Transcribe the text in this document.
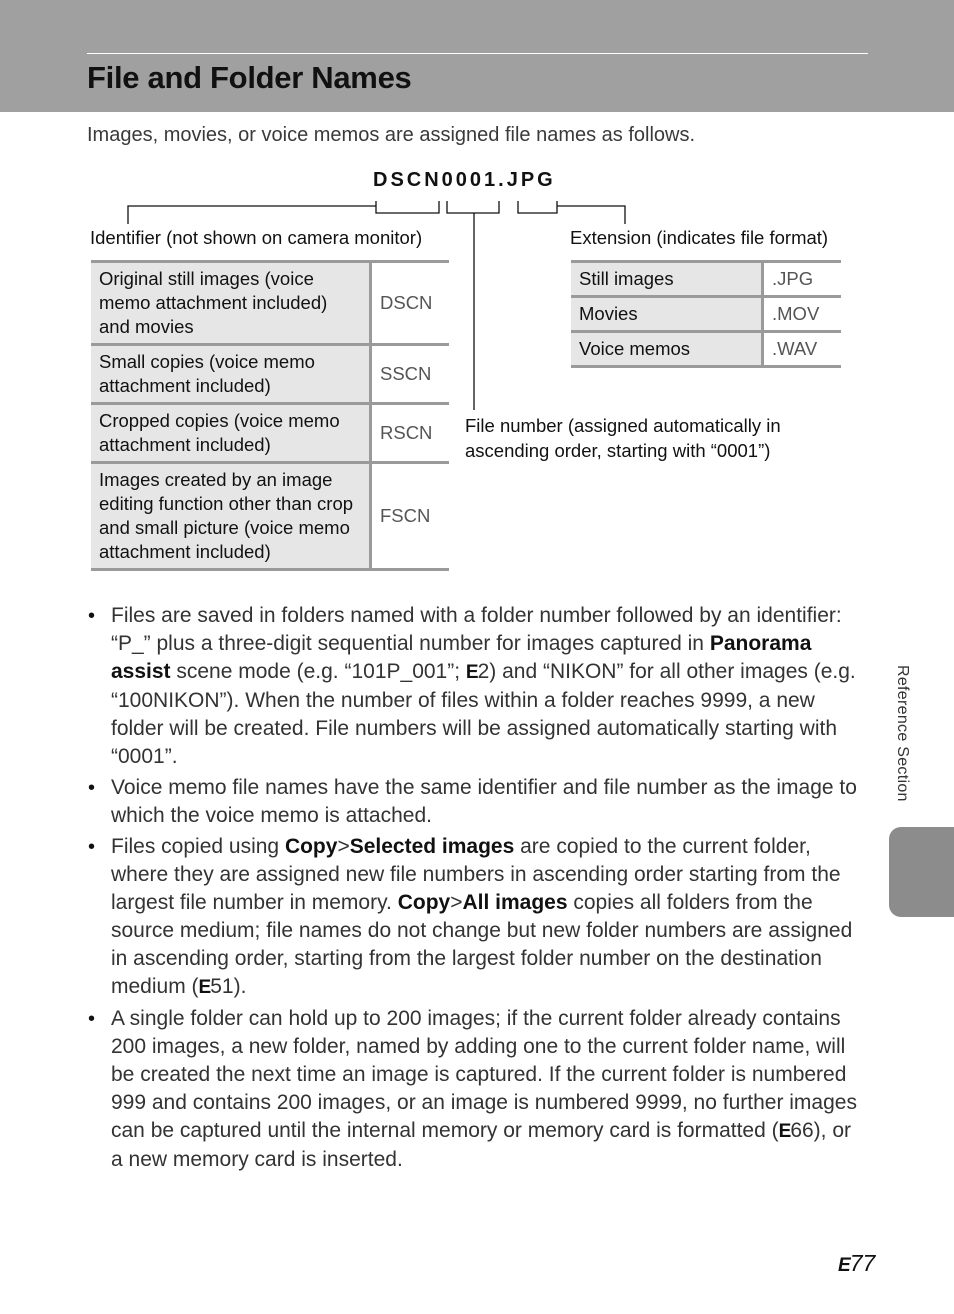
File and Folder Names
Images, movies, or voice memos are assigned file names as follows.
DSCN0001.JPG
Identifier (not shown on camera monitor)	Extension (indicates file format)
File number (assigned automatically in
ascending order, starting with “0001”)
Original still images (voice memo attachment included) and movies	DSCN
Small copies (voice memo attachment included)	SSCN
Cropped copies (voice memo attachment included)	RSCN
Images created by an image editing function other than crop and small picture (voice memo attachment included)	FSCN
Still images	.JPG
Movies	.MOV
Voice memos	.WAV
• Files are saved in folders named with a folder number followed by an identifier: “P_” plus a three-digit sequential number for images captured in Panorama assist scene mode (e.g. “101P_001”; E2) and “NIKON” for all other images (e.g. “100NIKON”). When the number of files within a folder reaches 9999, a new folder will be created. File numbers will be assigned automatically starting with “0001”.
• Voice memo file names have the same identifier and file number as the image to which the voice memo is attached.
• Files copied using Copy>Selected images are copied to the current folder, where they are assigned new file numbers in ascending order starting from the largest file number in memory. Copy>All images copies all folders from the source medium; file names do not change but new folder numbers are assigned in ascending order, starting from the largest folder number on the destination medium (E51).
• A single folder can hold up to 200 images; if the current folder already contains 200 images, a new folder, named by adding one to the current folder name, will be created the next time an image is captured. If the current folder is numbered 999 and contains 200 images, or an image is numbered 9999, no further images can be captured until the internal memory or memory card is formatted (E66), or a new memory card is inserted.
Reference Section
E77
